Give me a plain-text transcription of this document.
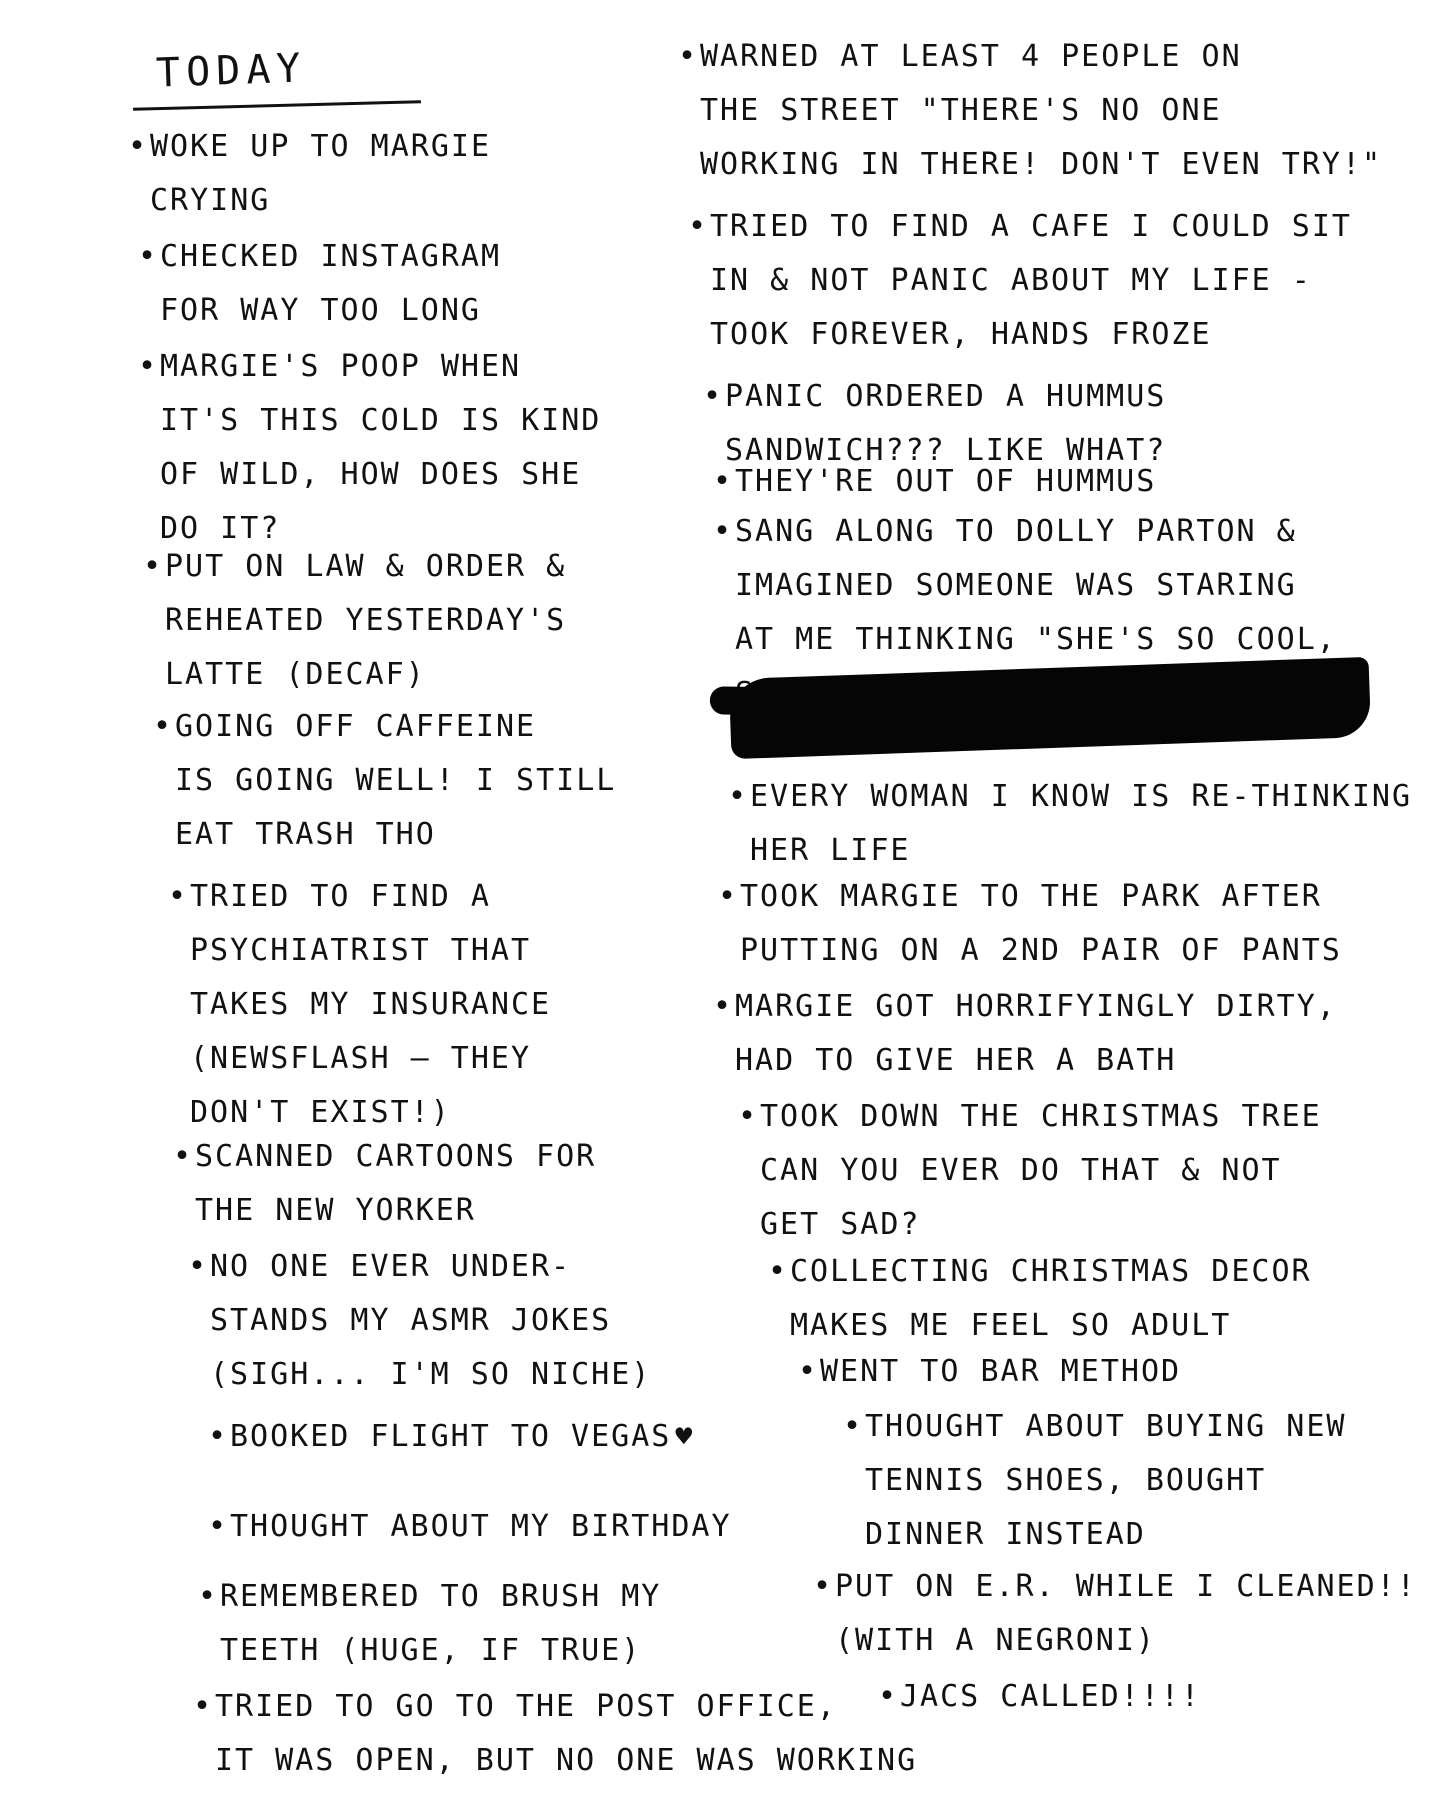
TODAY
• WOKE UP TO MARGIE
CRYING
• CHECKED INSTAGRAM
FOR WAY TOO LONG
• MARGIE'S POOP WHEN
IT'S THIS COLD IS KIND
OF WILD, HOW DOES SHE
DO IT?
• PUT ON LAW & ORDER &
REHEATED YESTERDAY'S
LATTE (DECAF)
• GOING OFF CAFFEINE
IS GOING WELL! I STILL
EAT TRASH THO
• TRIED TO FIND A
PSYCHIATRIST THAT
TAKES MY INSURANCE
(NEWSFLASH — THEY
DON'T EXIST!)
• SCANNED CARTOONS FOR
THE NEW YORKER
• NO ONE EVER UNDER-
STANDS MY ASMR JOKES
(SIGH... I'M SO NICHE)
• BOOKED FLIGHT TO VEGAS ♥
• THOUGHT ABOUT MY BIRTHDAY
• REMEMBERED TO BRUSH MY
TEETH (HUGE, IF TRUE)
• TRIED TO GO TO THE POST OFFICE,
IT WAS OPEN, BUT NO ONE WAS WORKING
• WARNED AT LEAST 4 PEOPLE ON
THE STREET "THERE'S NO ONE
WORKING IN THERE! DON'T EVEN TRY!"
• TRIED TO FIND A CAFE I COULD SIT
IN & NOT PANIC ABOUT MY LIFE -
TOOK FOREVER, HANDS FROZE
• PANIC ORDERED A HUMMUS
SANDWICH??? LIKE WHAT?
• THEY'RE OUT OF HUMMUS
• SANG ALONG TO DOLLY PARTON &
IMAGINED SOMEONE WAS STARING
AT ME THINKING "SHE'S SO COOL,

• EVERY WOMAN I KNOW IS RE-THINKING
HER LIFE
• TOOK MARGIE TO THE PARK AFTER
PUTTING ON A 2ND PAIR OF PANTS
• MARGIE GOT HORRIFYINGLY DIRTY,
HAD TO GIVE HER A BATH
• TOOK DOWN THE CHRISTMAS TREE
CAN YOU EVER DO THAT & NOT
GET SAD?
• COLLECTING CHRISTMAS DECOR
MAKES ME FEEL SO ADULT
• WENT TO BAR METHOD
• THOUGHT ABOUT BUYING NEW
TENNIS SHOES, BOUGHT
DINNER INSTEAD
• PUT ON E.R. WHILE I CLEANED!!
(WITH A NEGRONI)
• JACS CALLED!!!!
